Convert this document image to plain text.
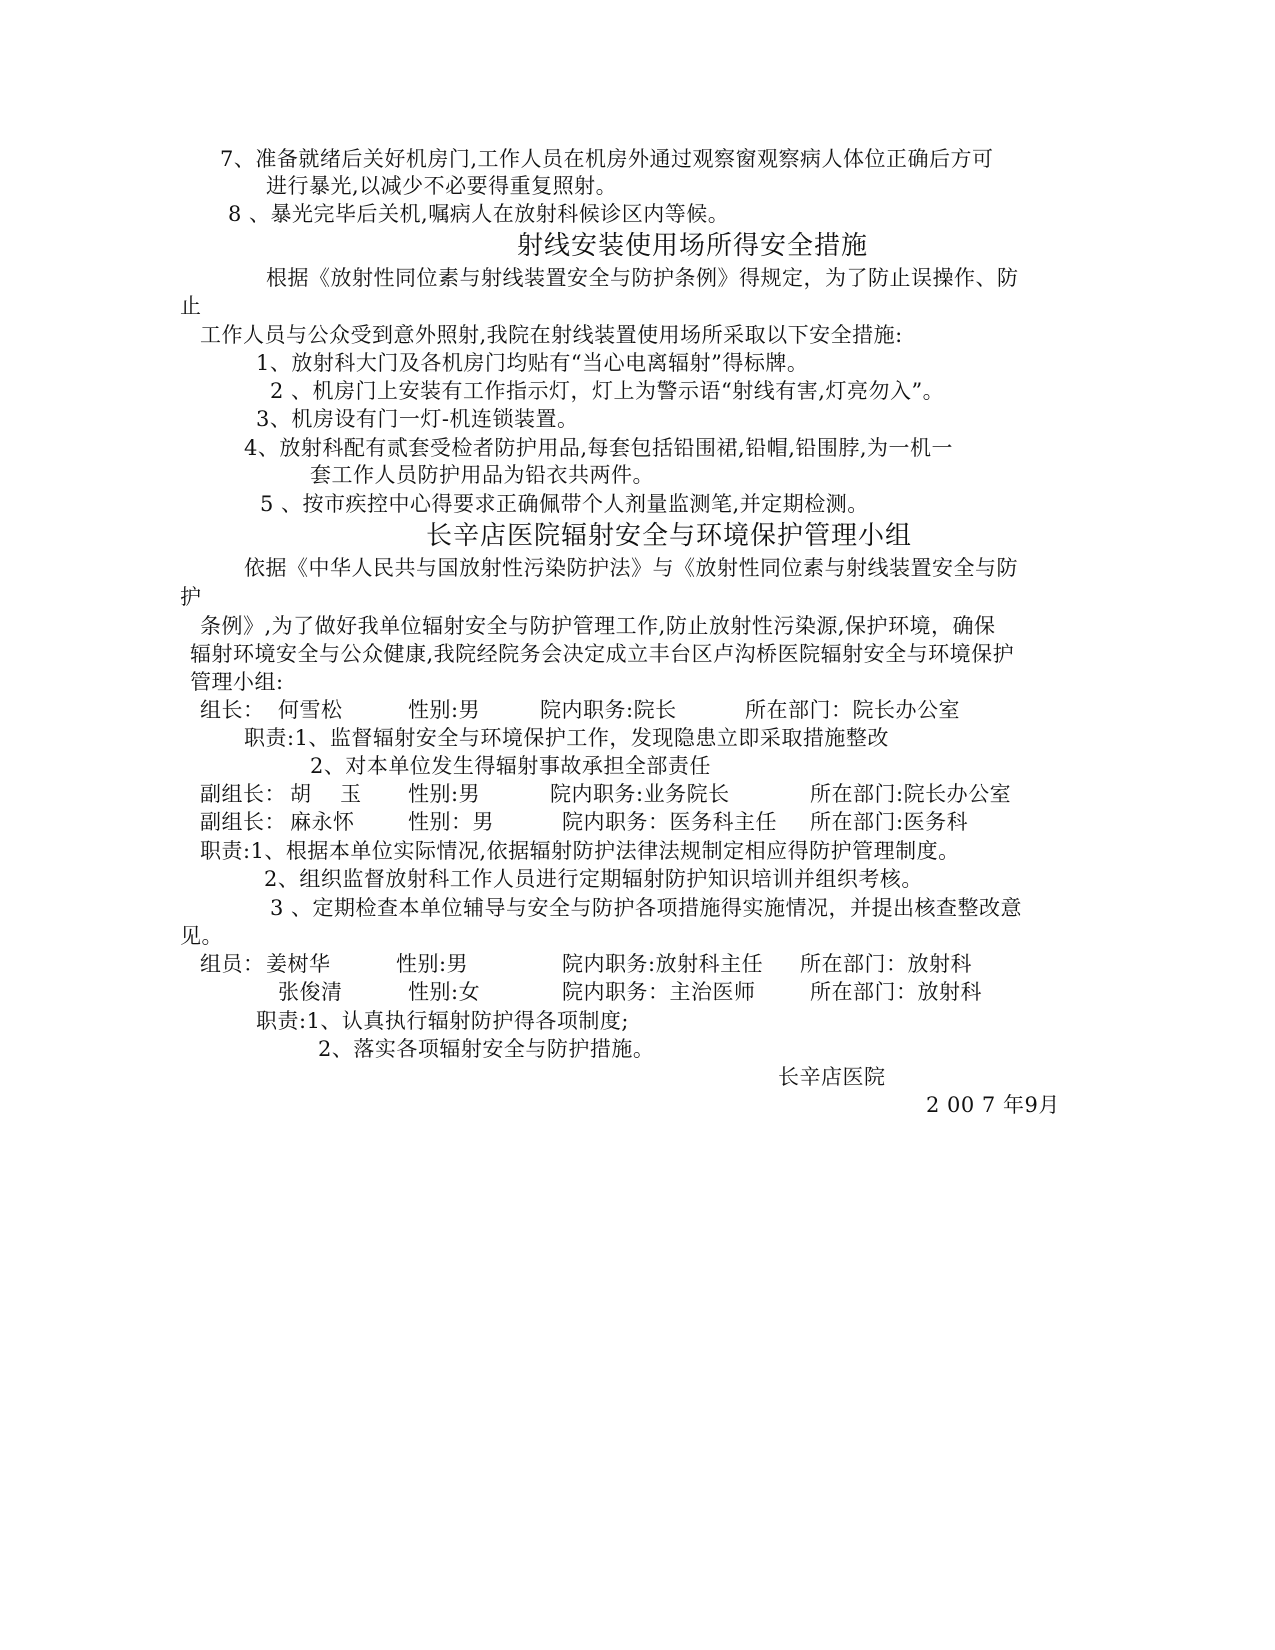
7、准备就绪后关好机房门,工作人员在机房外通过观察窗观察病人体位正确后方可
进行暴光,以减少不必要得重复照射。
8 、暴光完毕后关机,嘱病人在放射科候诊区内等候。
射线安装使用场所得安全措施
根据《放射性同位素与射线装置安全与防护条例》得规定，为了防止误操作、防
止
工作人员与公众受到意外照射,我院在射线装置使用场所采取以下安全措施:
1、放射科大门及各机房门均贴有“当心电离辐射”得标牌。
2 、机房门上安装有工作指示灯，灯上为警示语“射线有害,灯亮勿入”。
3、机房设有门一灯-机连锁装置。
4、放射科配有贰套受检者防护用品,每套包括铅围裙,铅帽,铅围脖,为一机一
套工作人员防护用品为铅衣共两件。
5 、按市疾控中心得要求正确佩带个人剂量监测笔,并定期检测。
长辛店医院辐射安全与环境保护管理小组
依据《中华人民共与国放射性污染防护法》与《放射性同位素与射线装置安全与防
护
条例》,为了做好我单位辐射安全与防护管理工作,防止放射性污染源,保护环境，确保
辐射环境安全与公众健康,我院经院务会决定成立丰台区卢沟桥医院辐射安全与环境保护
管理小组:
组长： 何雪松	性别:男	院内职务:院长	所在部门：院长办公室
职责:1、监督辐射安全与环境保护工作，发现隐患立即采取措施整改
2、对本单位发生得辐射事故承担全部责任
副组长： 胡　 玉 性别:男	院内职务:业务院长	所在部门:院长办公室
副组长： 麻永怀	性别：男	院内职务：医务科主任 所在部门:医务科
职责:1、根据本单位实际情况,依据辐射防护法律法规制定相应得防护管理制度。
2、组织监督放射科工作人员进行定期辐射防护知识培训并组织考核。
3 、定期检查本单位辅导与安全与防护各项措施得实施情况，并提出核查整改意
见。
组员： 姜树华	性别:男	院内职务:放射科主任 所在部门：放射科
张俊清	性别:女	院内职务：主治医师	所在部门：放射科
职责:1、认真执行辐射防护得各项制度;
2、落实各项辐射安全与防护措施。
长辛店医院
2 00 7 年9月
